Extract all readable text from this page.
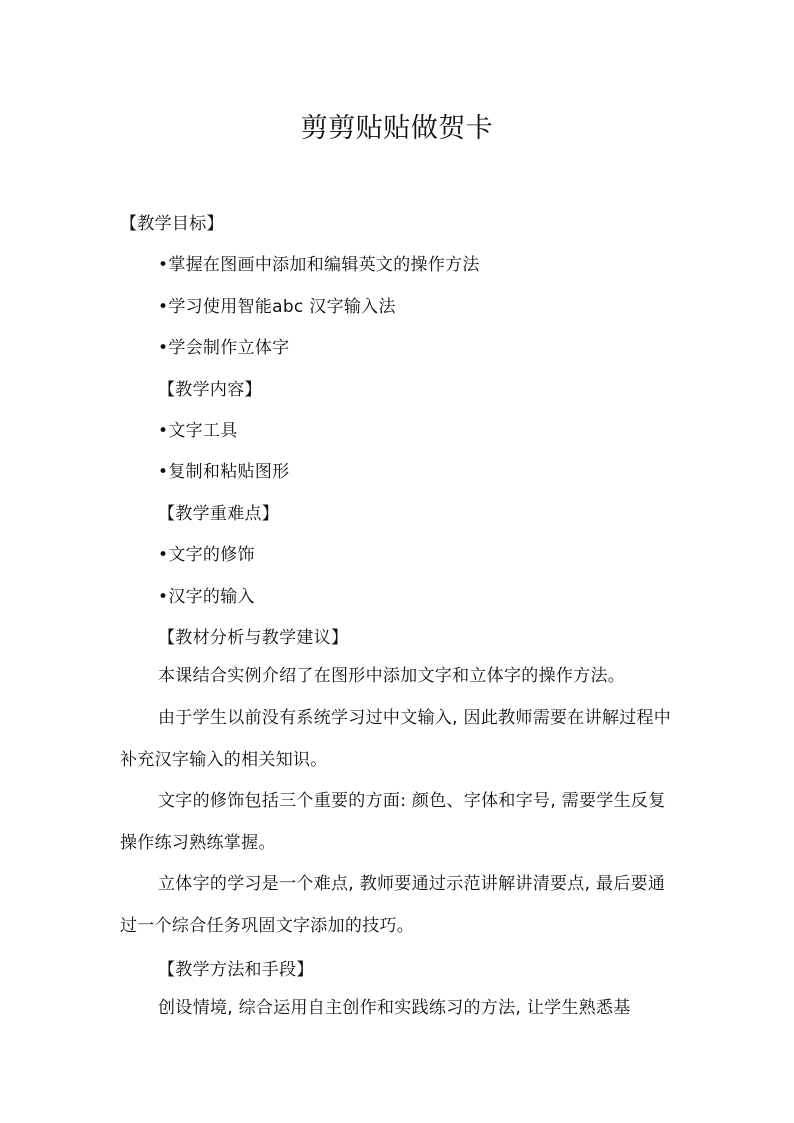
剪剪贴贴做贺卡
【教学目标】
•掌握在图画中添加和编辑英文的操作方法
•学习使用智能abc 汉字输入法
•学会制作立体字
【教学内容】
•文字工具
•复制和粘贴图形
【教学重难点】
•文字的修饰
•汉字的输入
【教材分析与教学建议】

本课结合实例介绍了在图形中添加文字和立体字的操作方法。

由于学生以前没有系统学习过中文输入, 因此教师需要在讲解过程中补充汉字输入的相关知识。

文字的修饰包括三个重要的方面: 颜色、字体和字号, 需要学生反复操作练习熟练掌握。

立体字的学习是一个难点, 教师要通过示范讲解讲清要点, 最后要通过一个综合任务巩固文字添加的技巧。

【教学方法和手段】

创设情境, 综合运用自主创作和实践练习的方法, 让学生熟悉基
